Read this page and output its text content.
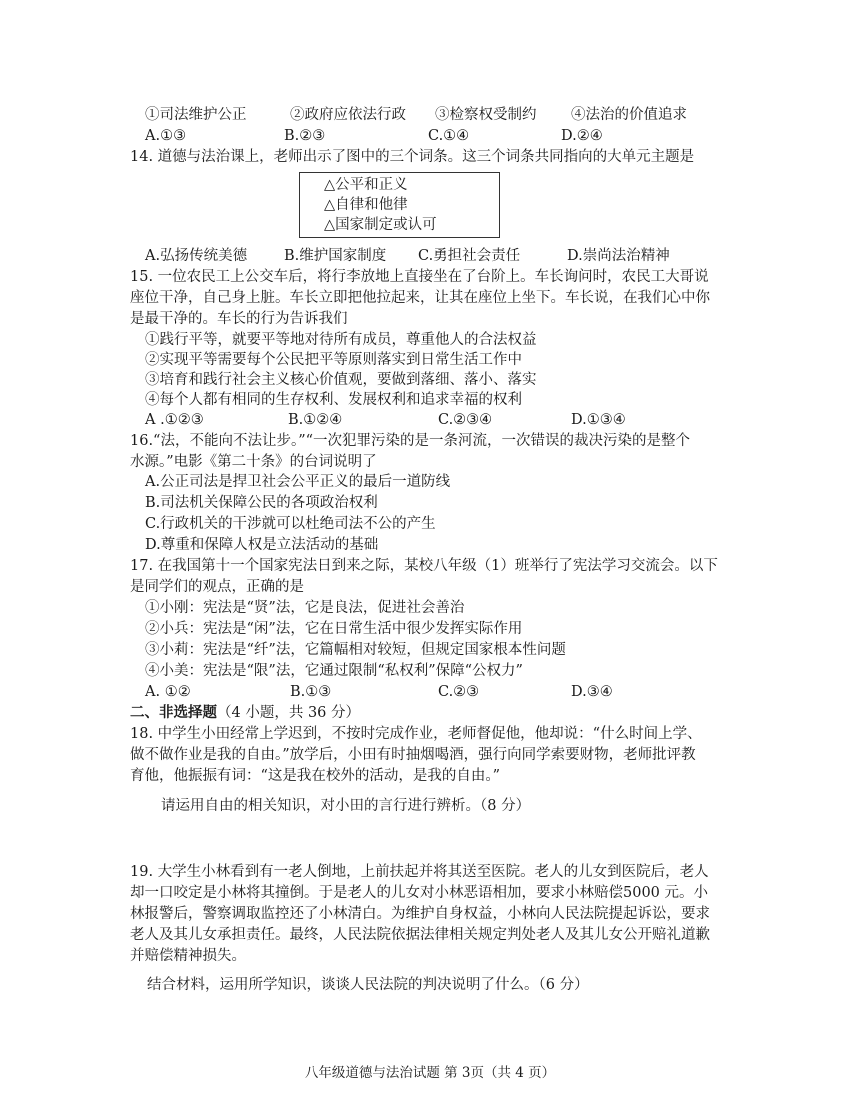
①司法维护公正	②政府应依法行政 ③检察权受制约 ④法治的价值追求
A.①③	B.②③	C.①④	D.②④
14. 道德与法治课上，老师出示了图中的三个词条。这三个词条共同指向的大单元主题是
△公平和正义
△自律和他律
△国家制定或认可
A.弘扬传统美德	B.维护国家制度 C.勇担社会责任	D.崇尚法治精神
15. 一位农民工上公交车后，将行李放地上直接坐在了台阶上。车长询问时，农民工大哥说
座位干净，自己身上脏。车长立即把他拉起来，让其在座位上坐下。车长说，在我们心中你
是最干净的。车长的行为告诉我们
①践行平等，就要平等地对待所有成员，尊重他人的合法权益
②实现平等需要每个公民把平等原则落实到日常生活工作中
③培育和践行社会主义核心价值观，要做到落细、落小、落实
④每个人都有相同的生存权利、发展权利和追求幸福的权利
A .①②③	B.①②④	C.②③④	D.①③④
16.“法，不能向不法让步。”“一次犯罪污染的是一条河流，一次错误的裁决污染的是整个
水源。”电影《第二十条》的台词说明了
A.公正司法是捍卫社会公平正义的最后一道防线
B.司法机关保障公民的各项政治权利
C.行政机关的干涉就可以杜绝司法不公的产生
D.尊重和保障人权是立法活动的基础
17. 在我国第十一个国家宪法日到来之际，某校八年级（1）班举行了宪法学习交流会。以下
是同学们的观点，正确的是
①小刚：宪法是“贤”法，它是良法，促进社会善治
②小兵：宪法是“闲”法，它在日常生活中很少发挥实际作用
③小莉：宪法是“纤”法，它篇幅相对较短，但规定国家根本性问题
④小美：宪法是“限”法，它通过限制“私权利”保障“公权力”
A. ①②	B.①③	C.②③	D.③④
二、非选择题（4 小题，共 36 分）
18. 中学生小田经常上学迟到，不按时完成作业，老师督促他，他却说：“什么时间上学、
做不做作业是我的自由。”放学后，小田有时抽烟喝酒，强行向同学索要财物，老师批评教
育他，他振振有词：“这是我在校外的活动，是我的自由。”
请运用自由的相关知识，对小田的言行进行辨析。（8 分）
19. 大学生小林看到有一老人倒地，上前扶起并将其送至医院。老人的儿女到医院后，老人
却一口咬定是小林将其撞倒。于是老人的儿女对小林恶语相加，要求小林赔偿5000 元。小
林报警后，警察调取监控还了小林清白。为维护自身权益，小林向人民法院提起诉讼，要求
老人及其儿女承担责任。最终，人民法院依据法律相关规定判处老人及其儿女公开赔礼道歉
并赔偿精神损失。
结合材料，运用所学知识，谈谈人民法院的判决说明了什么。（6 分）
八年级道德与法治试题 第 3页（共 4 页）
